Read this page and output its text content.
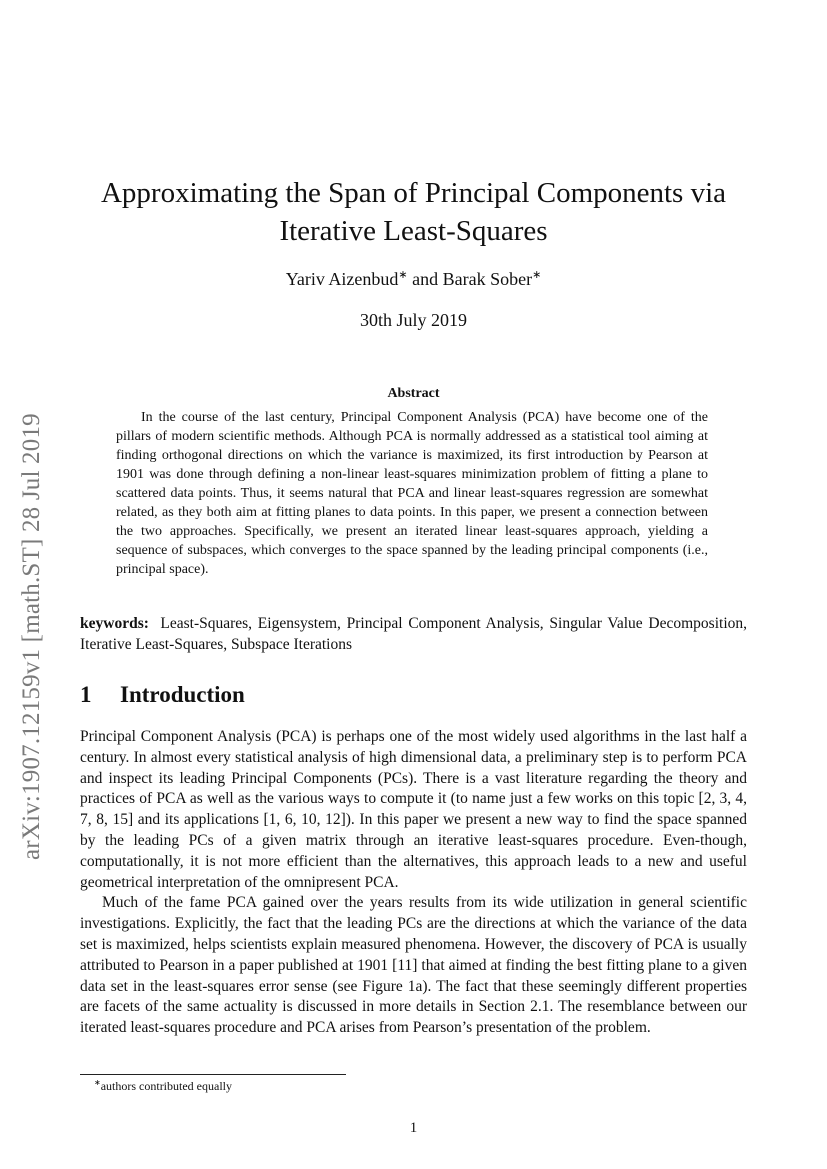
arXiv:1907.12159v1 [math.ST] 28 Jul 2019
Approximating the Span of Principal Components via Iterative Least-Squares
Yariv Aizenbud∗ and Barak Sober∗
30th July 2019
Abstract

In the course of the last century, Principal Component Analysis (PCA) have become one of the pillars of modern scientific methods. Although PCA is normally addressed as a statistical tool aiming at finding orthogonal directions on which the variance is maximized, its first introduction by Pearson at 1901 was done through defining a non-linear least-squares minimization problem of fitting a plane to scattered data points. Thus, it seems natural that PCA and linear least-squares regression are somewhat related, as they both aim at fitting planes to data points. In this paper, we present a connection between the two approaches. Specifically, we present an iterated linear least-squares approach, yielding a sequence of subspaces, which converges to the space spanned by the leading principal components (i.e., principal space).

keywords: Least-Squares, Eigensystem, Principal Component Analysis, Singular Value Decomposition, Iterative Least-Squares, Subspace Iterations

1 Introduction

Principal Component Analysis (PCA) is perhaps one of the most widely used algorithms in the last half a century. In almost every statistical analysis of high dimensional data, a preliminary step is to perform PCA and inspect its leading Principal Components (PCs). There is a vast literature regarding the theory and practices of PCA as well as the various ways to compute it (to name just a few works on this topic [2, 3, 4, 7, 8, 15] and its applications [1, 6, 10, 12]). In this paper we present a new way to find the space spanned by the leading PCs of a given matrix through an iterative least-squares procedure. Even-though, computationally, it is not more efficient than the alternatives, this approach leads to a new and useful geometrical interpretation of the omnipresent PCA.

Much of the fame PCA gained over the years results from its wide utilization in general scientific investigations. Explicitly, the fact that the leading PCs are the directions at which the variance of the data set is maximized, helps scientists explain measured phenomena. However, the discovery of PCA is usually attributed to Pearson in a paper published at 1901 [11] that aimed at finding the best fitting plane to a given data set in the least-squares error sense (see Figure 1a). The fact that these seemingly different properties are facets of the same actuality is discussed in more details in Section 2.1. The resemblance between our iterated least-squares procedure and PCA arises from Pearson’s presentation of the problem.

∗authors contributed equally
1
